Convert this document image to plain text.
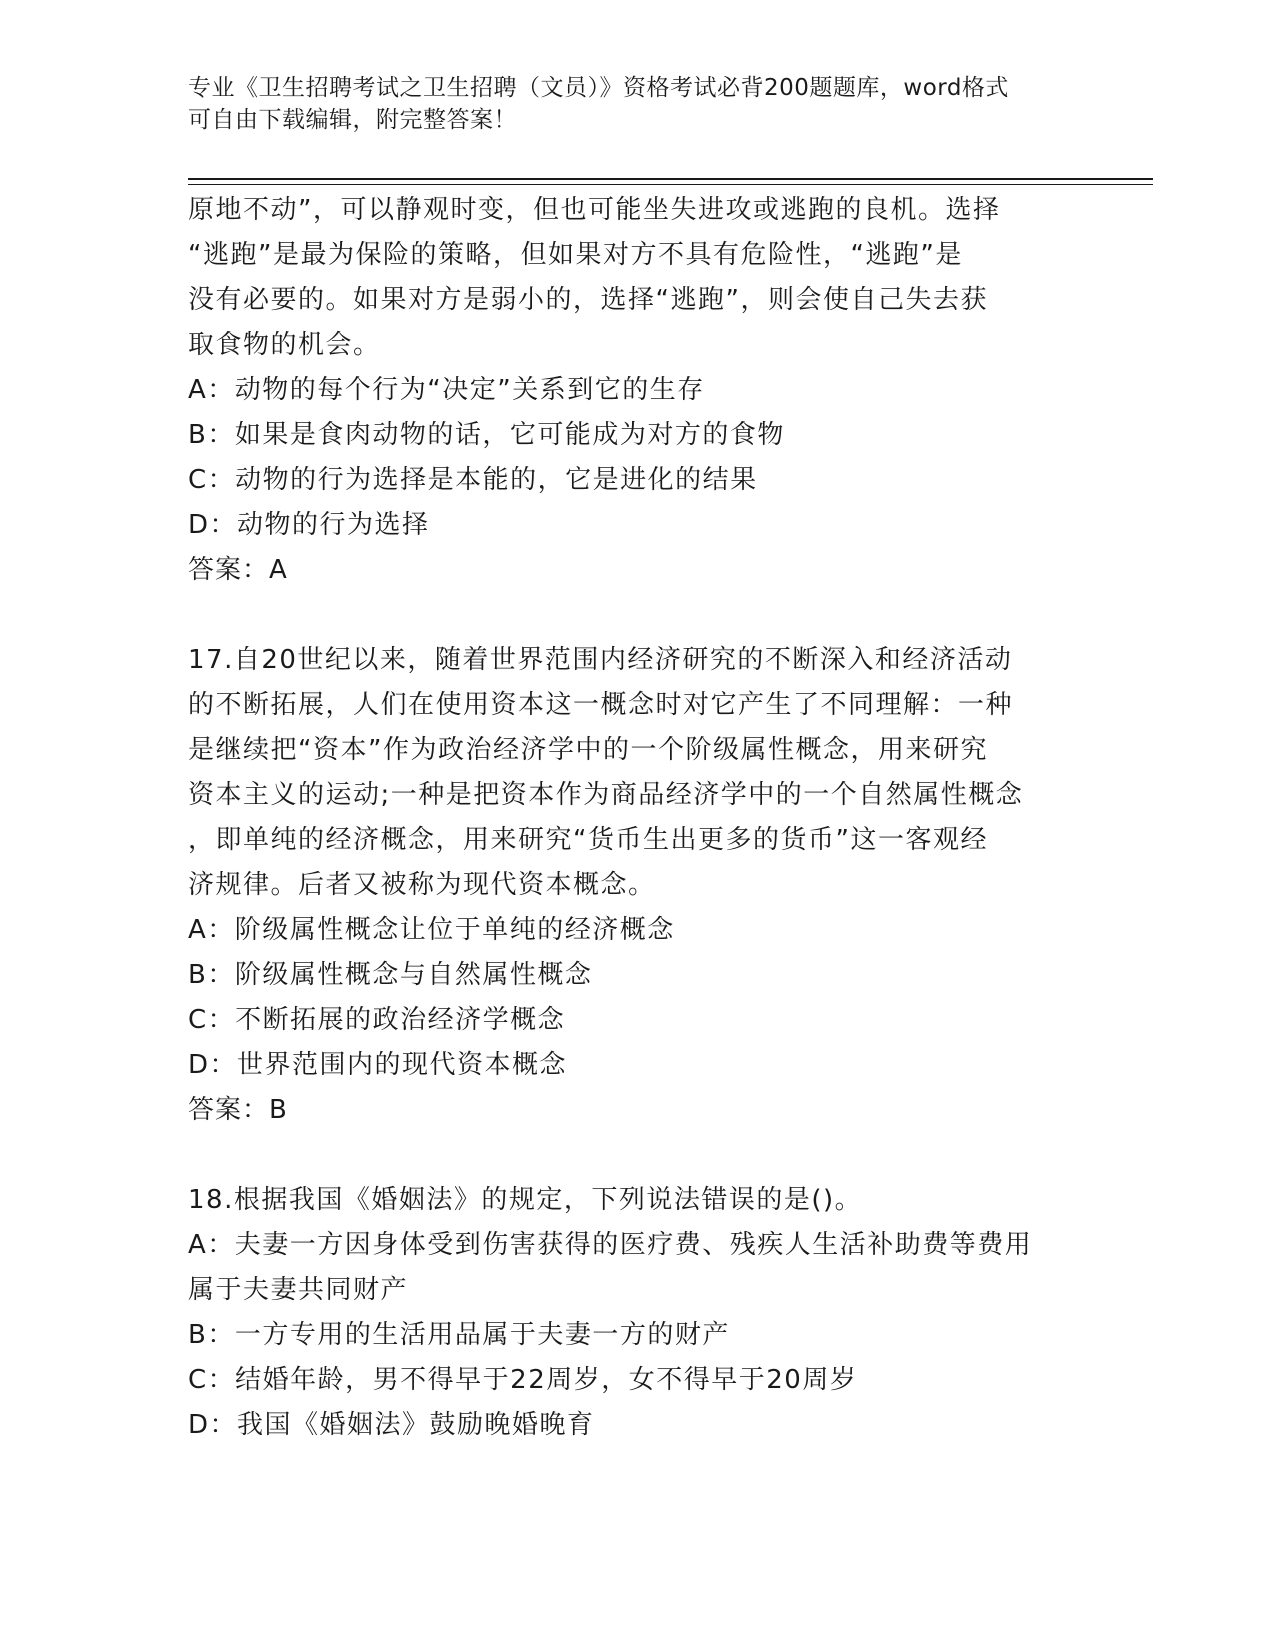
专业《卫生招聘考试之卫生招聘（文员）》资格考试必背200题题库，word格式
可自由下载编辑，附完整答案！
原地不动”，可以静观时变，但也可能坐失进攻或逃跑的良机。选择
“逃跑”是最为保险的策略，但如果对方不具有危险性，“逃跑”是
没有必要的。如果对方是弱小的，选择“逃跑”，则会使自己失去获
取食物的机会。
A：动物的每个行为“决定”关系到它的生存
B：如果是食肉动物的话，它可能成为对方的食物
C：动物的行为选择是本能的，它是进化的结果
D：动物的行为选择
答案：A
17.自20世纪以来，随着世界范围内经济研究的不断深入和经济活动
的不断拓展，人们在使用资本这一概念时对它产生了不同理解：一种
是继续把“资本”作为政治经济学中的一个阶级属性概念，用来研究
资本主义的运动;一种是把资本作为商品经济学中的一个自然属性概念
，即单纯的经济概念，用来研究“货币生出更多的货币”这一客观经
济规律。后者又被称为现代资本概念。
A：阶级属性概念让位于单纯的经济概念
B：阶级属性概念与自然属性概念
C：不断拓展的政治经济学概念
D：世界范围内的现代资本概念
答案：B
18.根据我国《婚姻法》的规定，下列说法错误的是()。
A：夫妻一方因身体受到伤害获得的医疗费、残疾人生活补助费等费用
属于夫妻共同财产
B：一方专用的生活用品属于夫妻一方的财产
C：结婚年龄，男不得早于22周岁，女不得早于20周岁
D：我国《婚姻法》鼓励晚婚晚育
